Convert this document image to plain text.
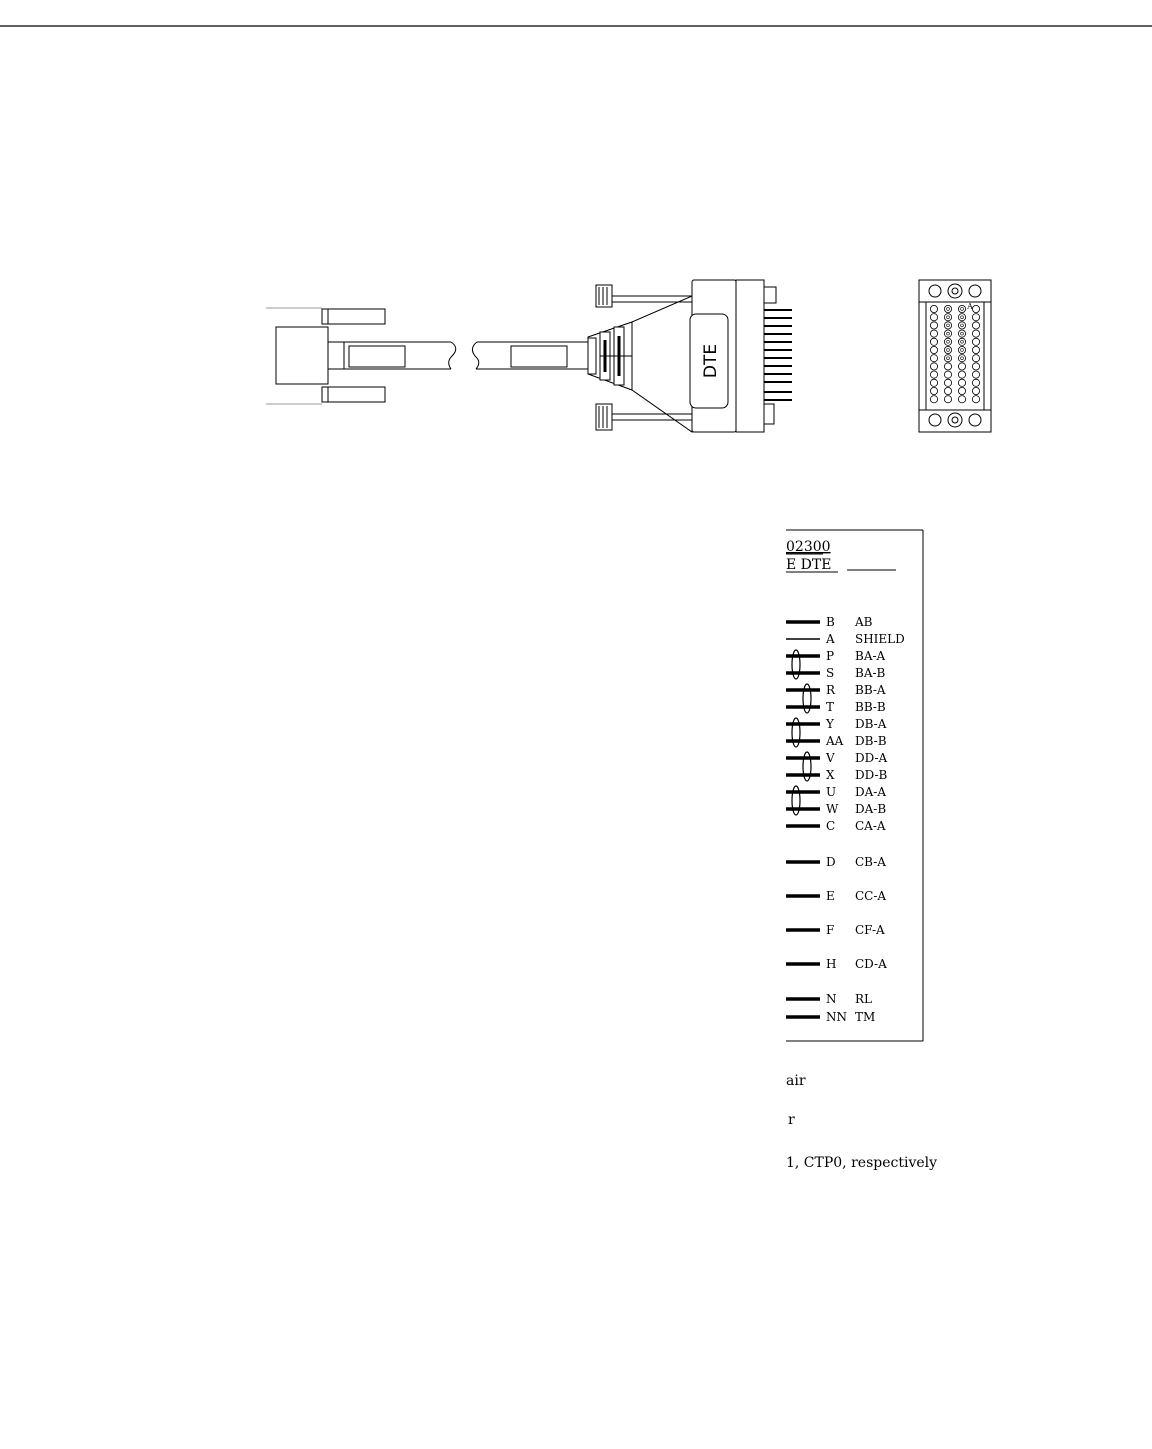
DTE
A
02300
E DTE
B AB
A SHIELD
P BA-A
S BA-B
R BB-A
T BB-B
Y DB-A
AA DB-B
V DD-A
X DD-B
U DA-A
W DA-B
C CA-A
D CB-A
E CC-A
F CF-A
H CD-A
N RL
NN TM
air
r
1, CTP0, respectively
